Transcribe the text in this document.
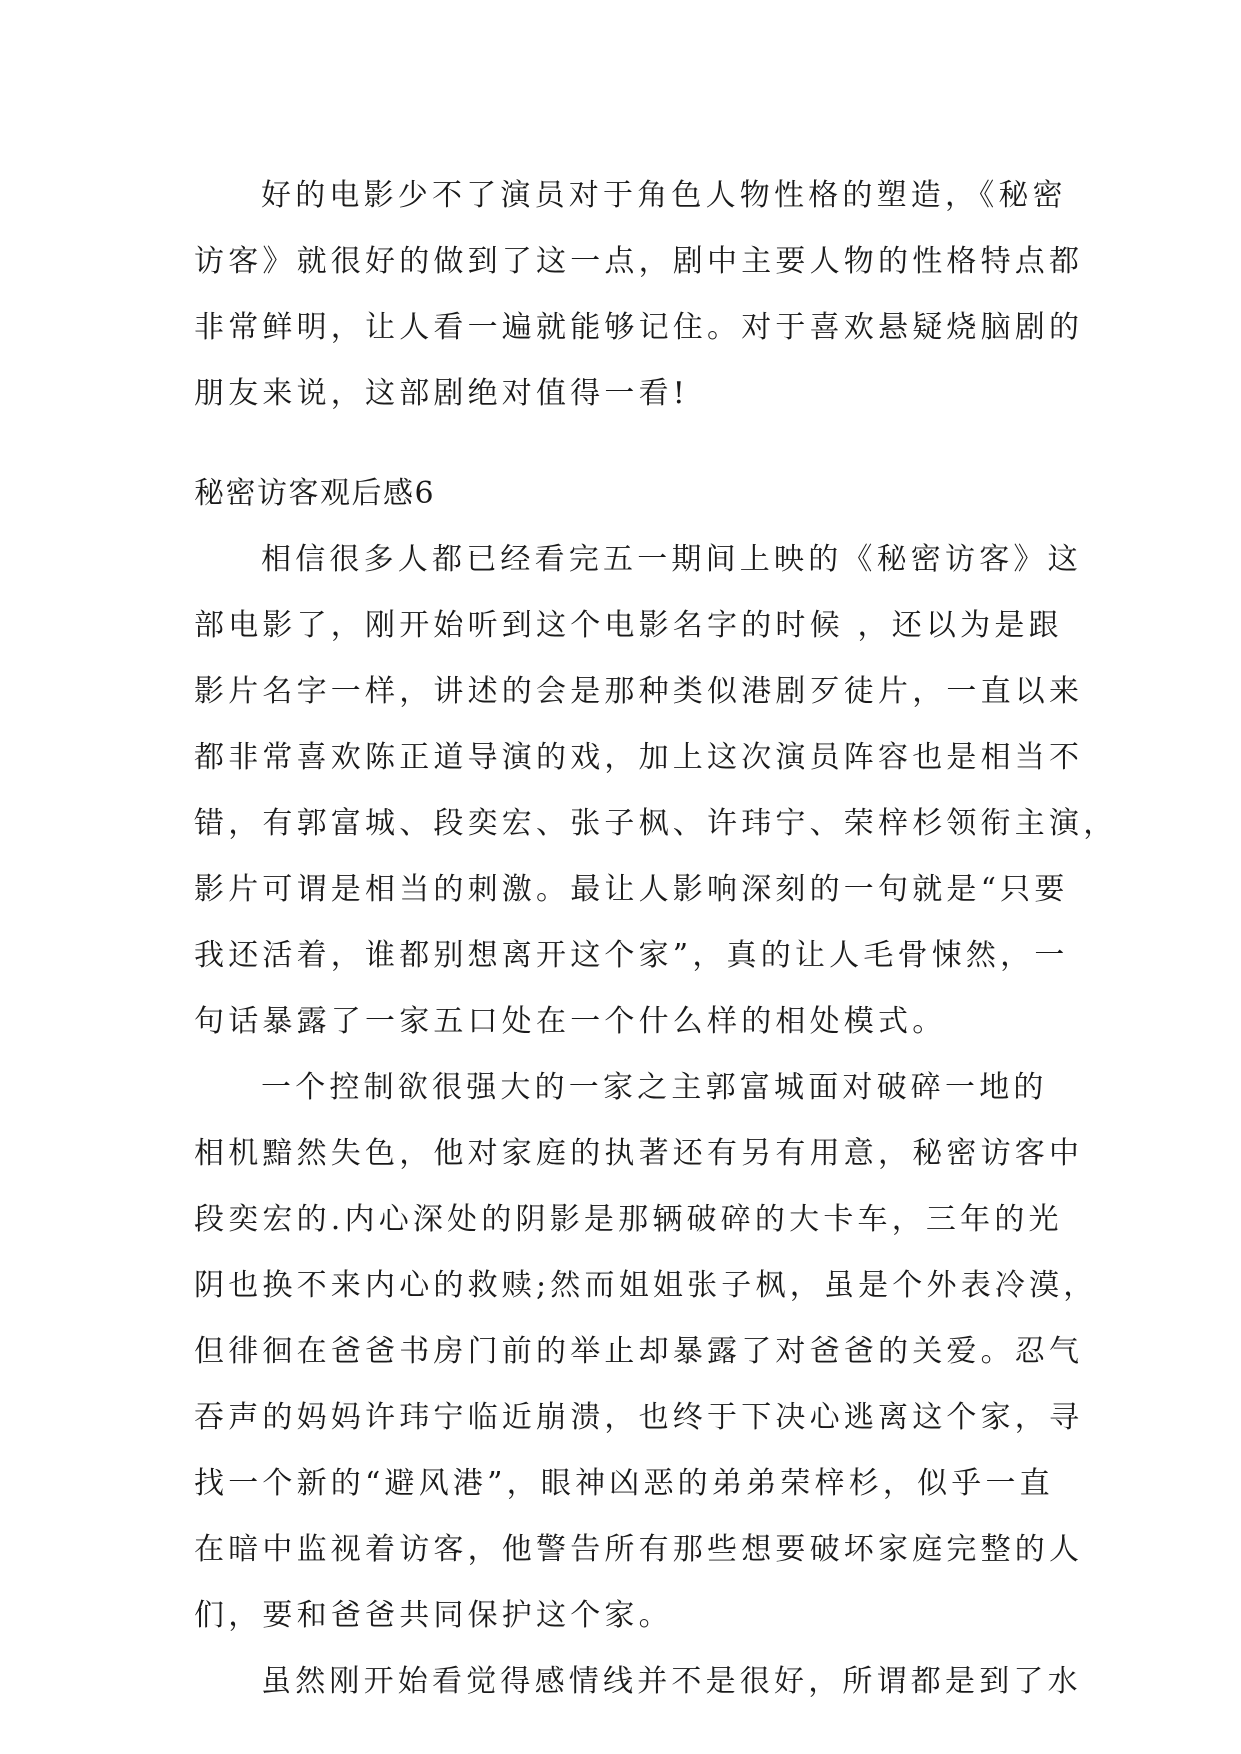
好的电影少不了演员对于角色人物性格的塑造，《秘密
访客》就很好的做到了这一点，剧中主要人物的性格特点都
非常鲜明，让人看一遍就能够记住。对于喜欢悬疑烧脑剧的
朋友来说，这部剧绝对值得一看!
秘密访客观后感6
相信很多人都已经看完五一期间上映的《秘密访客》这
部电影了，刚开始听到这个电影名字的时候 ，还以为是跟
影片名字一样，讲述的会是那种类似港剧歹徒片，一直以来
都非常喜欢陈正道导演的戏，加上这次演员阵容也是相当不
错，有郭富城、段奕宏、张子枫、许玮宁、荣梓杉领衔主演，
影片可谓是相当的刺激。最让人影响深刻的一句就是“只要
我还活着，谁都别想离开这个家”，真的让人毛骨悚然，一
句话暴露了一家五口处在一个什么样的相处模式。
一个控制欲很强大的一家之主郭富城面对破碎一地的
相机黯然失色，他对家庭的执著还有另有用意，秘密访客中
段奕宏的.内心深处的阴影是那辆破碎的大卡车，三年的光
阴也换不来内心的救赎;然而姐姐张子枫，虽是个外表冷漠，
但徘徊在爸爸书房门前的举止却暴露了对爸爸的关爱。忍气
吞声的妈妈许玮宁临近崩溃，也终于下决心逃离这个家，寻
找一个新的“避风港”，眼神凶恶的弟弟荣梓杉，似乎一直
在暗中监视着访客，他警告所有那些想要破坏家庭完整的人
们，要和爸爸共同保护这个家。
虽然刚开始看觉得感情线并不是很好，所谓都是到了水
